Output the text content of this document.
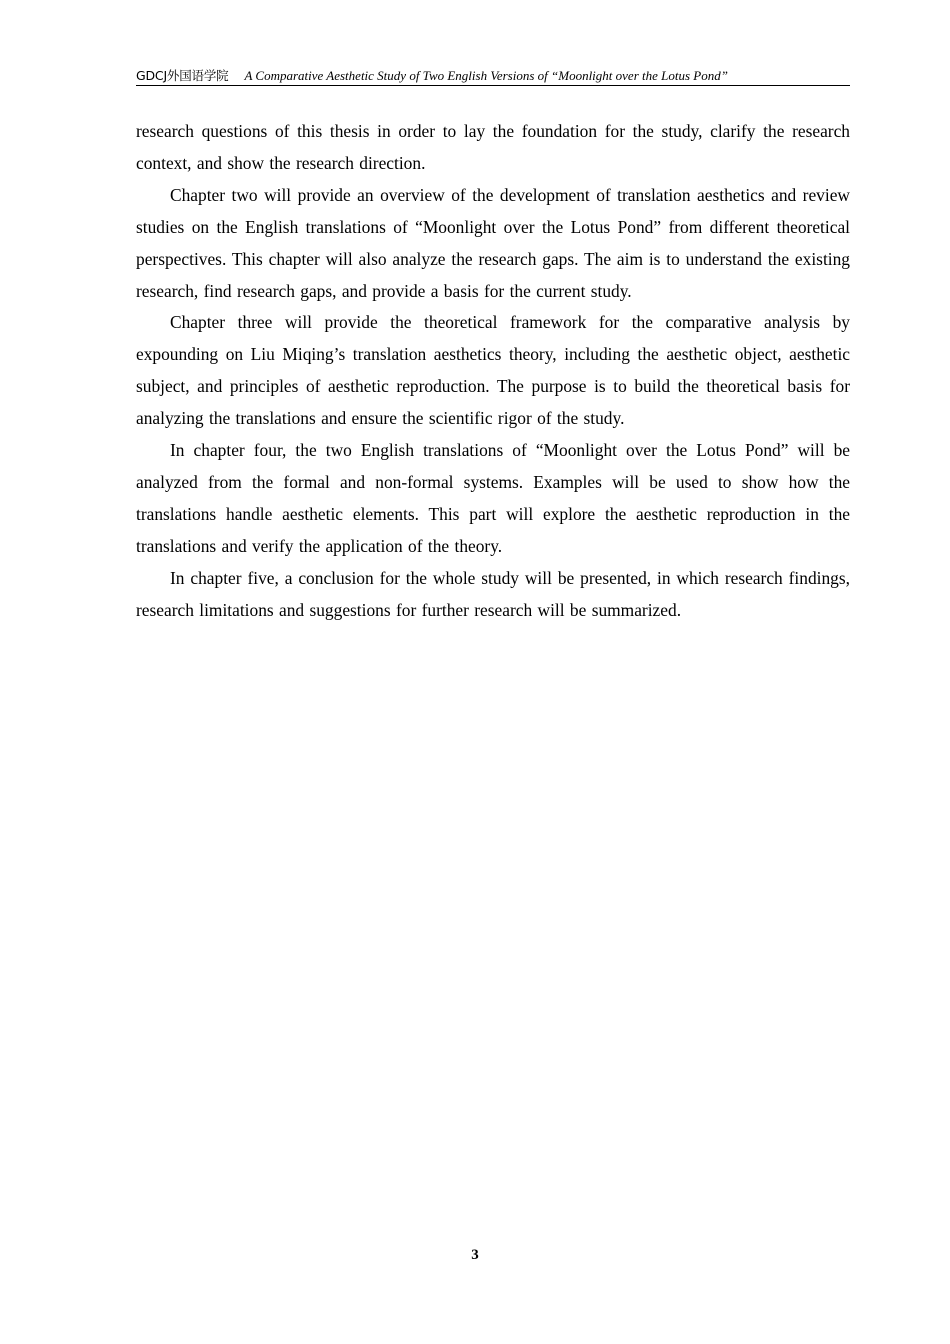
GDCJ外国语学院 A Comparative Aesthetic Study of Two English Versions of “Moonlight over the Lotus Pond”

research questions of this thesis in order to lay the foundation for the study, clarify the research context, and show the research direction.

Chapter two will provide an overview of the development of translation aesthetics and review studies on the English translations of “Moonlight over the Lotus Pond” from different theoretical perspectives. This chapter will also analyze the research gaps. The aim is to understand the existing research, find research gaps, and provide a basis for the current study.

Chapter three will provide the theoretical framework for the comparative analysis by expounding on Liu Miqing’s translation aesthetics theory, including the aesthetic object, aesthetic subject, and principles of aesthetic reproduction. The purpose is to build the theoretical basis for analyzing the translations and ensure the scientific rigor of the study.

In chapter four, the two English translations of “Moonlight over the Lotus Pond” will be analyzed from the formal and non-formal systems. Examples will be used to show how the translations handle aesthetic elements. This part will explore the aesthetic reproduction in the translations and verify the application of the theory.

In chapter five, a conclusion for the whole study will be presented, in which research findings, research limitations and suggestions for further research will be summarized.

3
